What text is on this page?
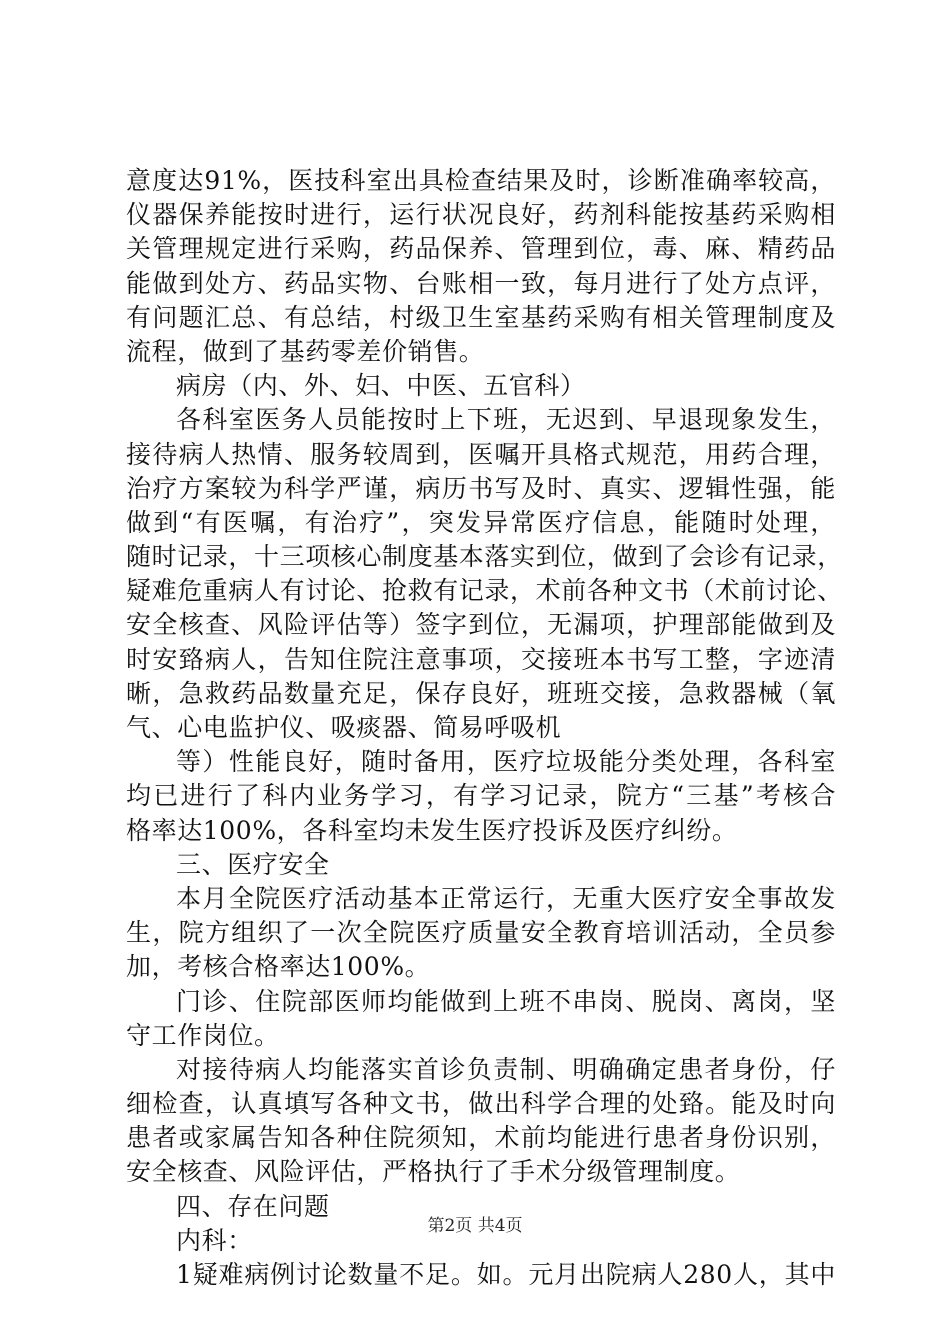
意度达91%，医技科室出具检查结果及时，诊断准确率较高，
仪器保养能按时进行，运行状况良好，药剂科能按基药采购相
关管理规定进行采购，药品保养、管理到位，毒、麻、精药品
能做到处方、药品实物、台账相一致，每月进行了处方点评，
有问题汇总、有总结，村级卫生室基药采购有相关管理制度及
流程，做到了基药零差价销售。
病房（内、外、妇、中医、五官科）
各科室医务人员能按时上下班，无迟到、早退现象发生，
接待病人热情、服务较周到，医嘱开具格式规范，用药合理，
治疗方案较为科学严谨，病历书写及时、真实、逻辑性强，能
做到“有医嘱，有治疗”，突发异常医疗信息，能随时处理，
随时记录，十三项核心制度基本落实到位，做到了会诊有记录，
疑难危重病人有讨论、抢救有记录，术前各种文书（术前讨论、
安全核查、风险评估等）签字到位，无漏项，护理部能做到及
时安臵病人，告知住院注意事项，交接班本书写工整，字迹清
晰，急救药品数量充足，保存良好，班班交接，急救器械（氧
气、心电监护仪、吸痰器、简易呼吸机
等）性能良好，随时备用，医疗垃圾能分类处理，各科室
均已进行了科内业务学习，有学习记录，院方“三基”考核合
格率达100%，各科室均未发生医疗投诉及医疗纠纷。
三、医疗安全
本月全院医疗活动基本正常运行，无重大医疗安全事故发
生，院方组织了一次全院医疗质量安全教育培训活动，全员参
加，考核合格率达100%。
门诊、住院部医师均能做到上班不串岗、脱岗、离岗，坚
守工作岗位。
对接待病人均能落实首诊负责制、明确确定患者身份，仔
细检查，认真填写各种文书，做出科学合理的处臵。能及时向
患者或家属告知各种住院须知，术前均能进行患者身份识别，
安全核查、风险评估，严格执行了手术分级管理制度。
四、存在问题
内科：
1疑难病例讨论数量不足。如。元月出院病人280人，其中
第2页 共4页
